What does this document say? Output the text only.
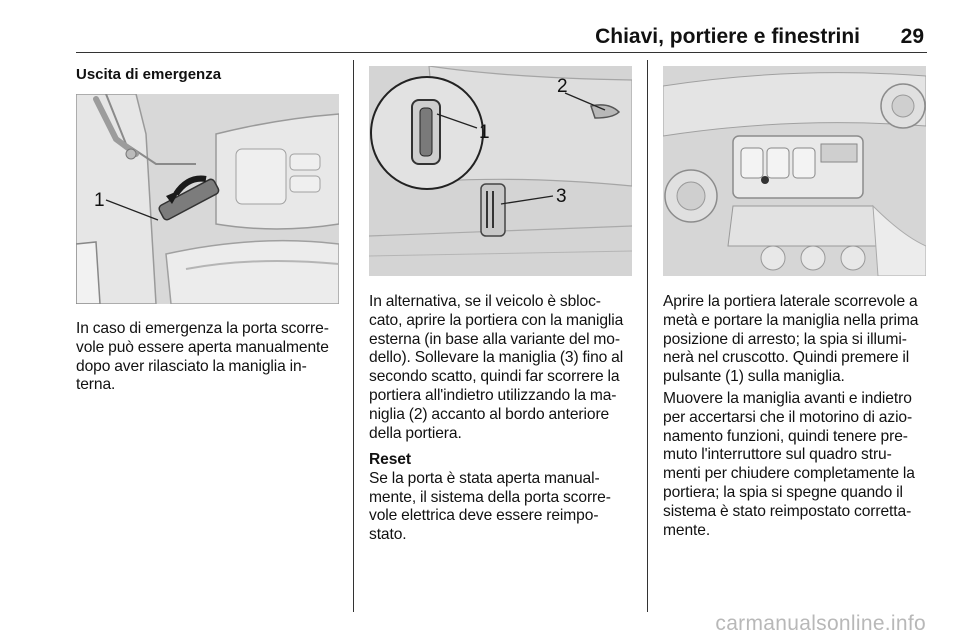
Chiavi, portiere e finestrini	29
Uscita di emergenza
1

In caso di emergenza la porta scorre-vole può essere aperta manualmente dopo aver rilasciato la maniglia in-terna.

1
2
3

In alternativa, se il veicolo è sbloc-cato, aprire la portiera con la maniglia esterna (in base alla variante del mo-dello). Sollevare la maniglia (3) fino al secondo scatto, quindi far scorrere la portiera all'indietro utilizzando la ma-niglia (2) accanto al bordo anteriore della portiera.

Reset
Se la porta è stata aperta manual-mente, il sistema della porta scorre-vole elettrica deve essere reimpo-stato.

Aprire la portiera laterale scorrevole a metà e portare la maniglia nella prima posizione di arresto; la spia si illumi-nerà nel cruscotto. Quindi premere il pulsante (1) sulla maniglia.

Muovere la maniglia avanti e indietro per accertarsi che il motorino di azio-namento funzioni, quindi tenere pre-muto l'interruttore sul quadro stru-menti per chiudere completamente la portiera; la spia si spegne quando il sistema è stato reimpostato corretta-mente.

carmanualsonline.info
